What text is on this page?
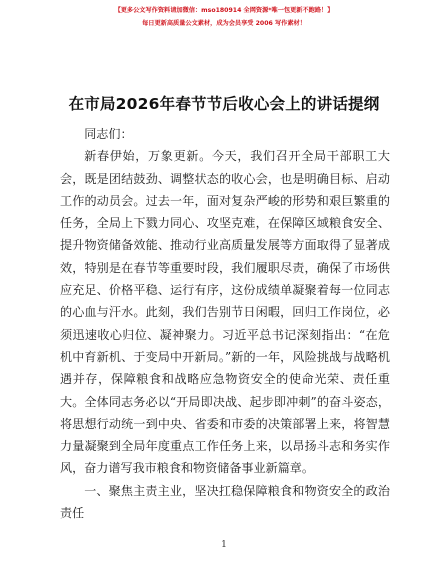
【更多公文写作资料请加微信：mso180914 全网资源*唯一包更新不跑路！】
每日更新高质量公文素材，成为会员享受 2006 写作素材！
在市局2026年春节节后收心会上的讲话提纲

同志们：

新春伊始，万象更新。今天，我们召开全局干部职工大会，既是团结鼓劲、调整状态的收心会，也是明确目标、启动工作的动员会。过去一年，面对复杂严峻的形势和艰巨繁重的任务，全局上下戮力同心、攻坚克难，在保障区域粮食安全、提升物资储备效能、推动行业高质量发展等方面取得了显著成效，特别是在春节等重要时段，我们履职尽责，确保了市场供应充足、价格平稳、运行有序，这份成绩单凝聚着每一位同志的心血与汗水。此刻，我们告别节日闲暇，回归工作岗位，必须迅速收心归位、凝神聚力。习近平总书记深刻指出：“在危机中育新机、于变局中开新局。”新的一年，风险挑战与战略机遇并存，保障粮食和战略应急物资安全的使命光荣、责任重大。全体同志务必以“开局即决战、起步即冲刺”的奋斗姿态，将思想行动统一到中央、省委和市委的决策部署上来，将智慧力量凝聚到全局年度重点工作任务上来，以昂扬斗志和务实作风，奋力谱写我市粮食和物资储备事业新篇章。

一、聚焦主责主业，坚决扛稳保障粮食和物资安全的政治责任

1
